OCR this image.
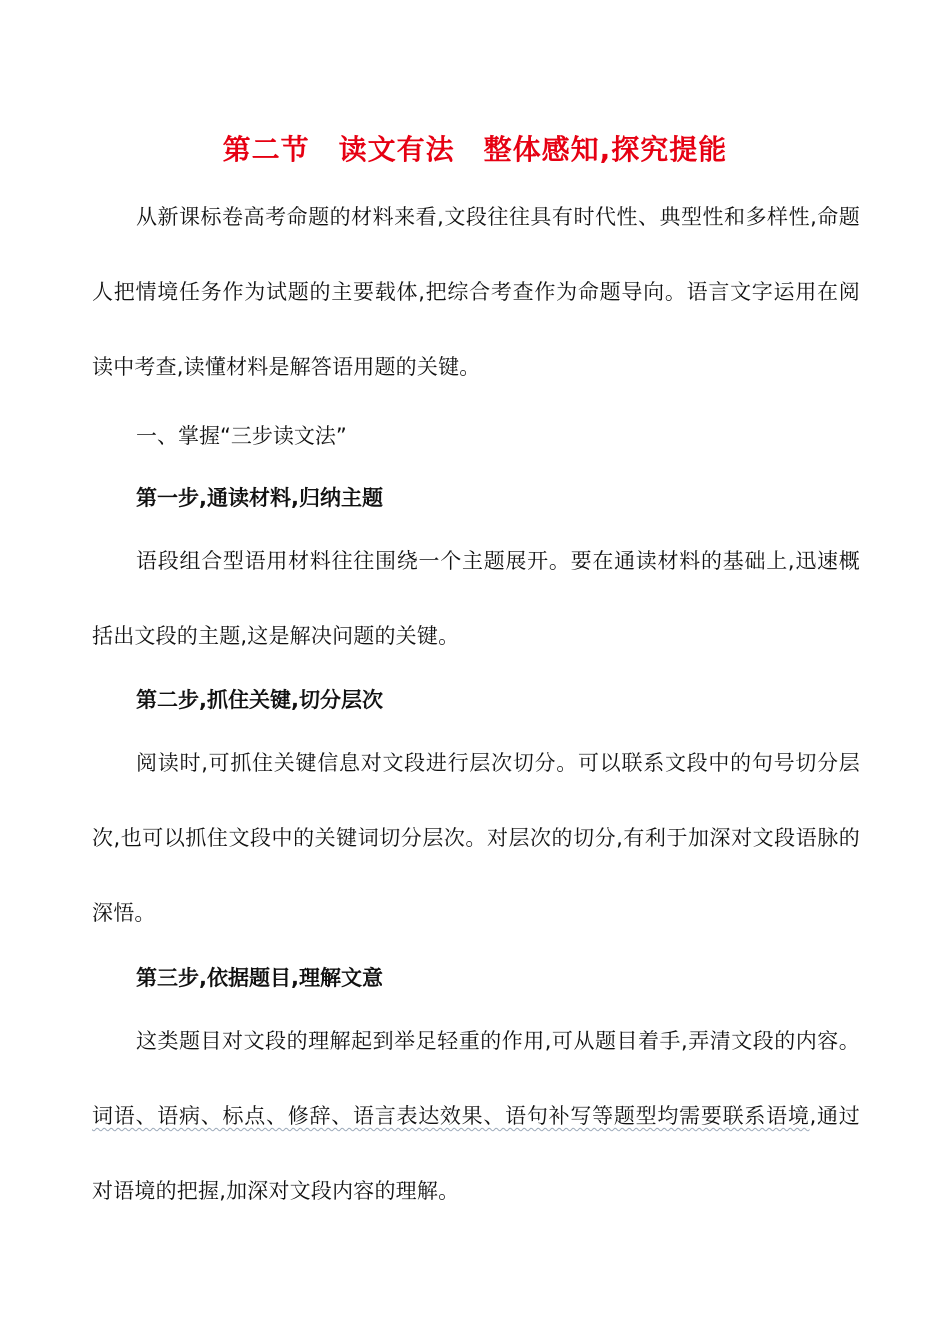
第二节　读文有法　整体感知,探究提能

从新课标卷高考命题的材料来看,文段往往具有时代性、典型性和多样性,命题人把情境任务作为试题的主要载体,把综合考查作为命题导向。语言文字运用在阅读中考查,读懂材料是解答语用题的关键。

一、掌握“三步读文法”

第一步,通读材料,归纳主题

语段组合型语用材料往往围绕一个主题展开。要在通读材料的基础上,迅速概括出文段的主题,这是解决问题的关键。

第二步,抓住关键,切分层次

阅读时,可抓住关键信息对文段进行层次切分。可以联系文段中的句号切分层次,也可以抓住文段中的关键词切分层次。对层次的切分,有利于加深对文段语脉的深悟。

第三步,依据题目,理解文意

这类题目对文段的理解起到举足轻重的作用,可从题目着手,弄清文段的内容。词语、语病、标点、修辞、语言表达效果、语句补写等题型均需要联系语境,通过对语境的把握,加深对文段内容的理解。
